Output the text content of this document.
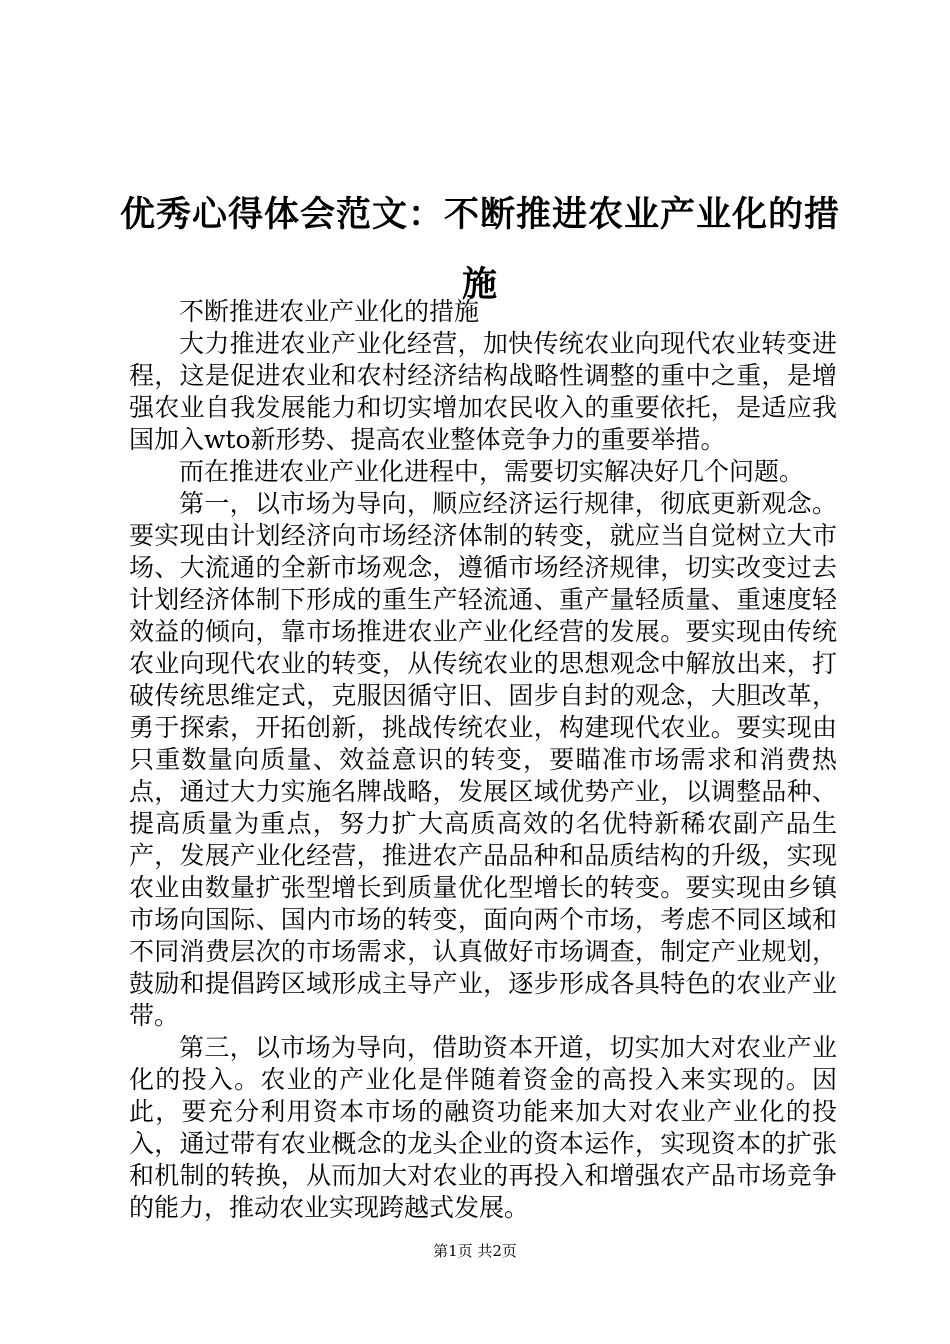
优秀心得体会范文：不断推进农业产业化的措施

不断推进农业产业化的措施

大力推进农业产业化经营，加快传统农业向现代农业转变进程，这是促进农业和农村经济结构战略性调整的重中之重，是增强农业自我发展能力和切实增加农民收入的重要依托，是适应我国加入wto新形势、提高农业整体竞争力的重要举措。

而在推进农业产业化进程中，需要切实解决好几个问题。

第一，以市场为导向，顺应经济运行规律，彻底更新观念。要实现由计划经济向市场经济体制的转变，就应当自觉树立大市场、大流通的全新市场观念，遵循市场经济规律，切实改变过去计划经济体制下形成的重生产轻流通、重产量轻质量、重速度轻效益的倾向，靠市场推进农业产业化经营的发展。要实现由传统农业向现代农业的转变，从传统农业的思想观念中解放出来，打破传统思维定式，克服因循守旧、固步自封的观念，大胆改革，勇于探索，开拓创新，挑战传统农业，构建现代农业。要实现由只重数量向质量、效益意识的转变，要瞄准市场需求和消费热点，通过大力实施名牌战略，发展区域优势产业，以调整品种、提高质量为重点，努力扩大高质高效的名优特新稀农副产品生产，发展产业化经营，推进农产品品种和品质结构的升级，实现农业由数量扩张型增长到质量优化型增长的转变。要实现由乡镇市场向国际、国内市场的转变，面向两个市场，考虑不同区域和不同消费层次的市场需求，认真做好市场调查，制定产业规划，鼓励和提倡跨区域形成主导产业，逐步形成各具特色的农业产业带。

第三，以市场为导向，借助资本开道，切实加大对农业产业化的投入。农业的产业化是伴随着资金的高投入来实现的。因此，要充分利用资本市场的融资功能来加大对农业产业化的投入，通过带有农业概念的龙头企业的资本运作，实现资本的扩张和机制的转换，从而加大对农业的再投入和增强农产品市场竞争的能力，推动农业实现跨越式发展。

第1页 共2页
